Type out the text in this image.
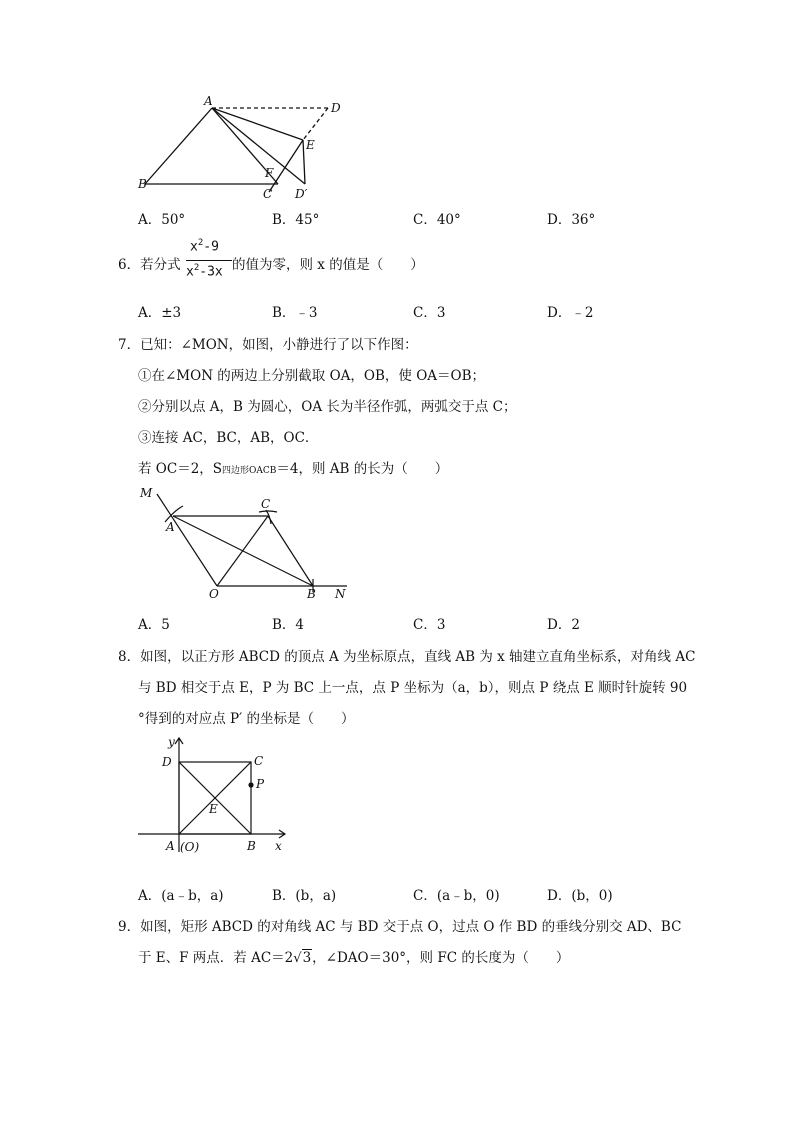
A	D
E
B
F
C D′
A．50°	B．45°	C．40°	D．36°
6．若分式
$x^2-9$
$x^2-3x$ 的值为零，则 x 的值是（　　）
A．±3	B．﹣3	C．3	D．﹣2
7．已知：∠MON，如图，小静进行了以下作图：
①在∠MON 的两边上分别截取 OA，OB，使 OA＝OB；
②分别以点 A，B 为圆心，OA 长为半径作弧，两弧交于点 C；
③连接 AC，BC，AB，OC．
若 OC＝2，S四边形OACB＝4，则 AB 的长为（　　）
M
C
A
O	B N
A．5	B．4	C．3	D．2
8．如图，以正方形 ABCD 的顶点 A 为坐标原点，直线 AB 为 x 轴建立直角坐标系，对角线 AC
与 BD 相交于点 E，P 为 BC 上一点，点 P 坐标为（a，b），则点 P 绕点 E 顺时针旋转 90
°得到的对应点 P′ 的坐标是（　　）
y
D	C
P
E
A (O)	B x
A．(a﹣b，a)	B．(b，a)	C．(a﹣b，0)	D．(b，0)
9．如图，矩形 ABCD 的对角线 AC 与 BD 交于点 O，过点 O 作 BD 的垂线分别交 AD、BC
于 E、F 两点．若 AC＝2√3，∠DAO＝30°，则 FC 的长度为（　　）
